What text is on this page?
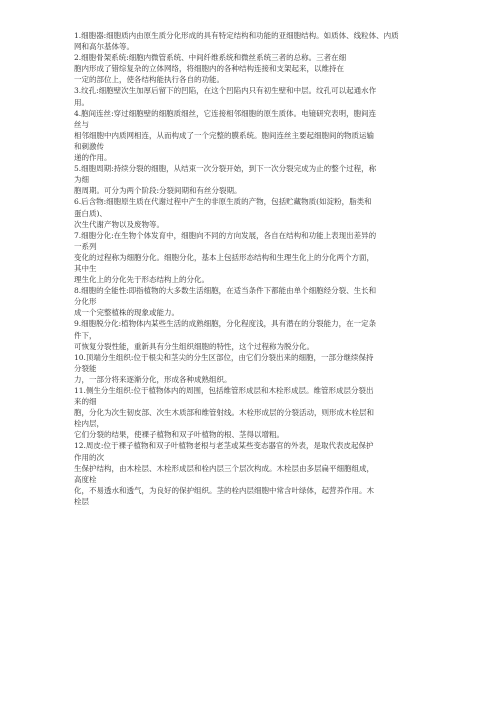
1.细胞器:细胞质内由原生质分化形成的具有特定结构和功能的亚细胞结构。如质体、线粒体、内质
网和高尔基体等。
2.细胞骨架系统:细胞内微管系统、中间纤维系统和微丝系统三者的总称。三者在细
胞内形成了错综复杂的立体网络，将细胞内的各种结构连接和支架起来，以维持在
一定的部位上，使各结构能执行各自的功能。
3.纹孔:细胞壁次生加厚后留下的凹陷，在这个凹陷内只有初生壁和中层。纹孔可以起通水作
用。
4.胞间连丝:穿过细胞壁的细胞质细丝，它连接相邻细胞的原生质体。电镜研究表明，胞间连
丝与
相邻细胞中内质网相连，从而构成了一个完整的膜系统。胞间连丝主要起细胞间的物质运输
和刺激传
递的作用。
5.细胞周期:持续分裂的细胞，从结束一次分裂开始，到下一次分裂完成为止的整个过程，称
为细
胞周期。可分为两个阶段:分裂间期和有丝分裂期。
6.后含物:细胞原生质在代谢过程中产生的非原生质的产物，包括贮藏物质(如淀粉，脂类和
蛋白质)、
次生代谢产物以及废物等。
7.细胞分化:在生物个体发育中，细胞向不同的方向发展，各自在结构和功能上表现出差异的
一系列
变化的过程称为细胞分化。细胞分化，基本上包括形态结构和生理生化上的分化两个方面，
其中生
理生化上的分化先于形态结构上的分化。
8.细胞的全能性:即指植物的大多数生活细胞，在适当条件下都能由单个细胞经分裂、生长和
分化形
成一个完整植株的现象或能力。
9.细胞脱分化:植物体内某些生活的成熟细胞，分化程度浅，具有潜在的分裂能力，在一定条
件下，
可恢复分裂性能，重新具有分生组织细胞的特性，这个过程称为脱分化。
10.顶端分生组织:位于根尖和茎尖的分生区部位，由它们分裂出来的细胞，一部分继续保持
分裂能
力，一部分将来逐渐分化，形成各种成熟组织。
11.侧生分生组织:位于植物体内的周围，包括维管形成层和木栓形成层。维管形成层分裂出
来的细
胞，分化为次生韧皮部、次生木质部和维管射线。木栓形成层的分裂活动，则形成木栓层和
栓内层，
它们分裂的结果，使裸子植物和双子叶植物的根、茎得以增粗。
12.周皮:位于裸子植物和双子叶植物老根与老茎或某些变态器官的外表，是取代表皮起保护
作用的次
生保护结构，由木栓层、木栓形成层和栓内层三个层次构成。木栓层由多层扁平细胞组成，
高度栓
化，不易透水和透气，为良好的保护组织。茎的栓内层细胞中常含叶绿体，起营养作用。木
栓层
